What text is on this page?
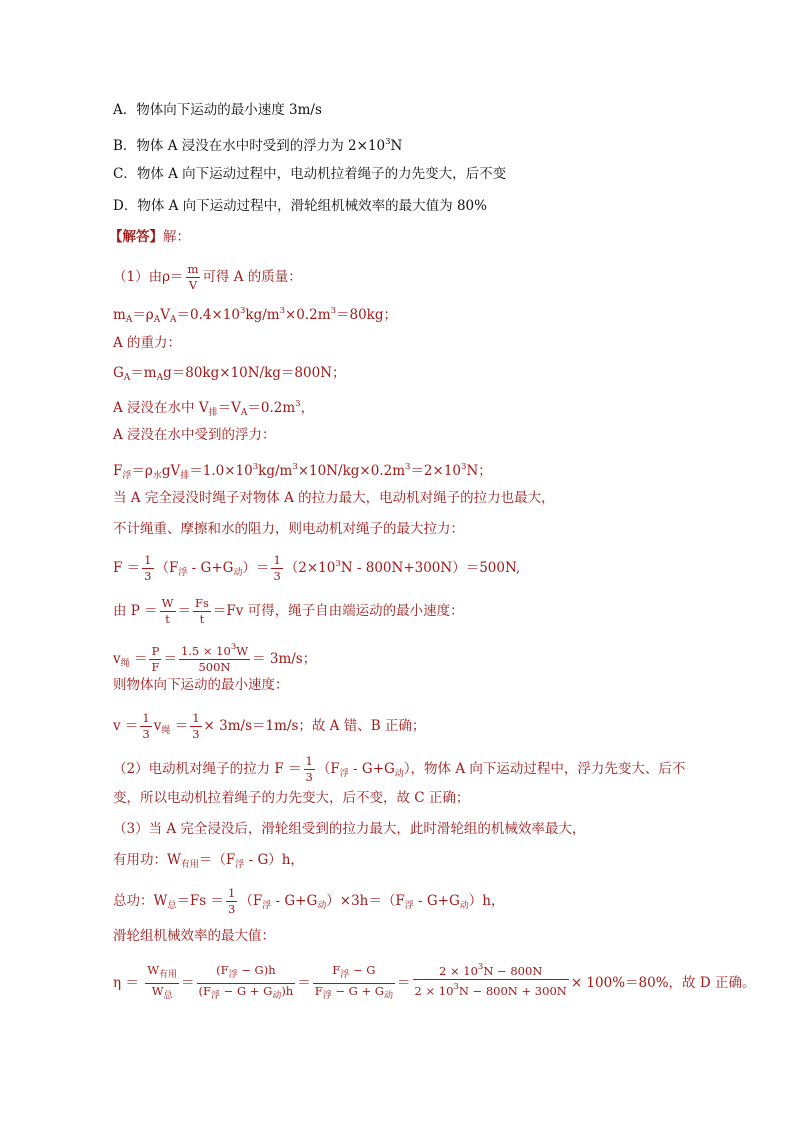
A．物体向下运动的最小速度 3m/s
B．物体 A 浸没在水中时受到的浮力为 $2\times 10^3N$
C．物体 A 向下运动过程中，电动机拉着绳子的力先变大，后不变
D．物体 A 向下运动过程中，滑轮组机械效率的最大值为 80%
【解答】解：
（1）由$\rho= \frac{m}{V}$ 可得 A 的质量：
$m_A=\rho_AV_A=0.4\times 10^3kg/m^3\times 0.2m^3=80kg$；
A 的重力：
$G_A=m_Ag=80kg\times 10N/kg=800N$；
A 浸没在水中 $V_排=V_A=0.2m^3$，
A 浸没在水中受到的浮力：
$F_浮=\rho_水gV_排=1.0\times 10^3kg/m^3\times 10N/kg\times 0.2m^3=2\times 10^3N$；
当 A 完全浸没时绳子对物体 A 的拉力最大，电动机对绳子的拉力也最大，
不计绳重、摩擦和水的阻力，则电动机对绳子的最大拉力：
$F = \frac{1}{3} (F_浮 - G+G_动)= \frac{1}{3} (2\times 10^3N - 800N+300N)=500N$,
由 $P = \frac{W}{t} = \frac{Fs}{t} =Fv$ 可得，绳子自由端运动的最小速度：
$v_绳 = \frac{P}{F} = \frac{1.5 \times 10^3W}{500N} = 3m/s$；
则物体向下运动的最小速度：
$v = \frac{1}{3} v_绳 = \frac{1}{3} \times 3m/s=1m/s$；故 A 错、B 正确；
（2）电动机对绳子的拉力 $F = \frac{1}{3} (F_浮 - G+G_动)$，物体 A 向下运动过程中，浮力先变大、后不
变，所以电动机拉着绳子的力先变大，后不变，故 C 正确；
（3）当 A 完全浸没后，滑轮组受到的拉力最大，此时滑轮组的机械效率最大，
有用功：$W_{有用}=(F_浮 - G)h$，
总功：$W_总=Fs = \frac{1}{3} (F_浮 - G+G_动)\times 3h=(F_浮 - G+G_动)h$，
滑轮组机械效率的最大值：
$\eta = \frac{W_{有用}}{W_总} = \frac{(F_浮 - G)h}{(F_浮 - G + G_动)h} = \frac{F_浮 - G}{F_浮 - G + G_动} = \frac{2 \times 10^3N - 800N}{2 \times 10^3N - 800N + 300N} \times 100\%=80\%$，故 D 正确。
